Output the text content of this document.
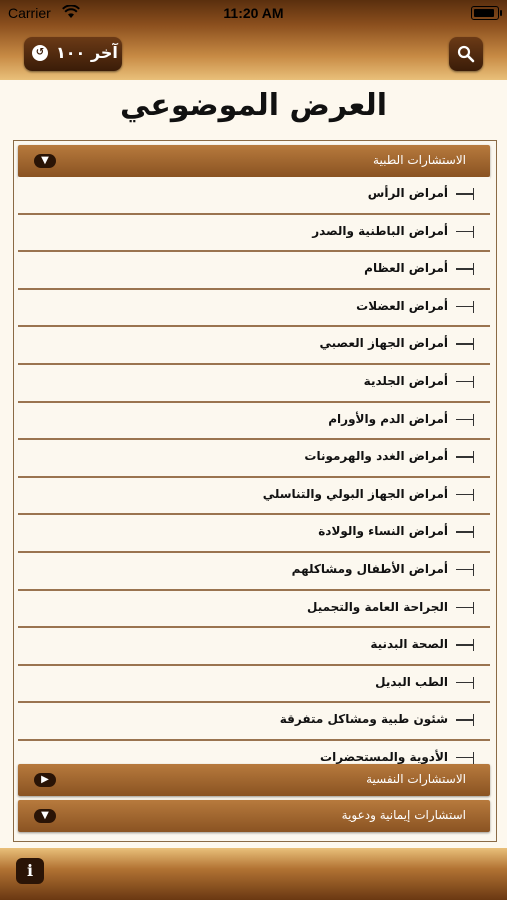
Carrier	11:20 AM
↺ آخر ١٠٠
العرض الموضوعي
▼	الاستشارات الطبية
أمراض الرأس
أمراض الباطنية والصدر
أمراض العظام
أمراض العضلات
أمراض الجهاز العصبي
أمراض الجلدية
أمراض الدم والأورام
أمراض الغدد والهرمونات
أمراض الجهاز البولي والتناسلي
أمراض النساء والولادة
أمراض الأطفال ومشاكلهم
الجراحة العامة والتجميل
الصحة البدنية
الطب البديل
شئون طبية ومشاكل متفرقة
الأدوية والمستحضرات
▶	الاستشارات النفسية
▼	استشارات إيمانية ودعوية
i
